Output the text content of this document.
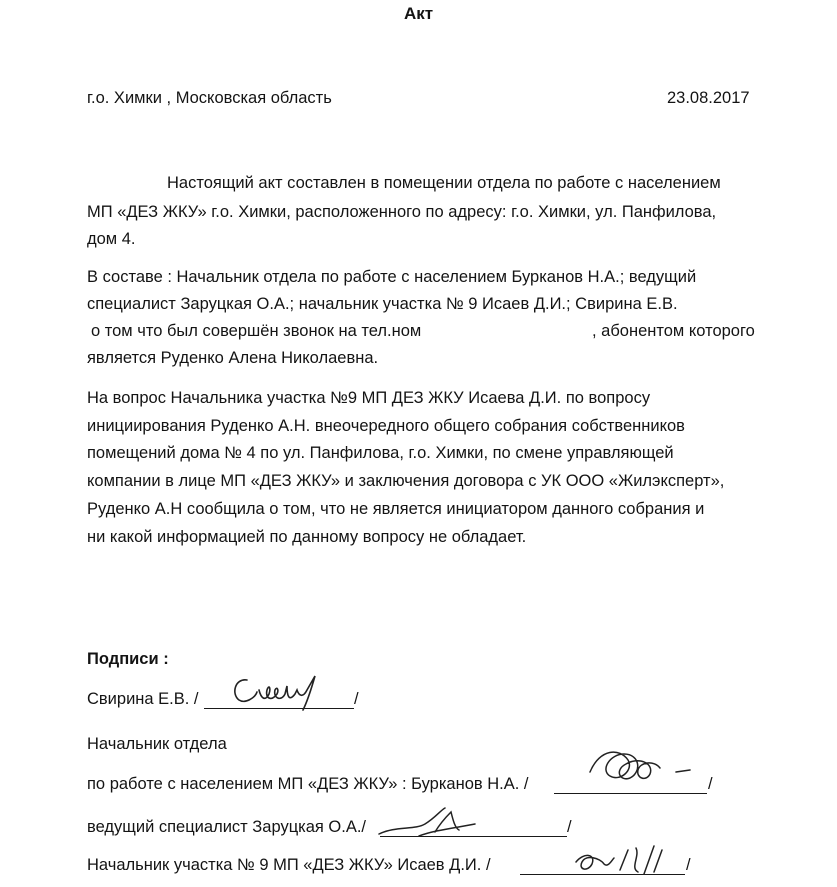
Акт
г.о. Химки , Московская область	23.08.2017
Настоящий акт составлен в помещении отдела по работе с населением
МП «ДЕЗ ЖКУ» г.о. Химки, расположенного по адресу: г.о. Химки, ул. Панфилова,
дом 4.
В составе : Начальник отдела по работе с населением Бурканов Н.А.; ведущий
специалист Заруцкая О.А.; начальник участка № 9 Исаев Д.И.; Свирина Е.В.
о том что был совершён звонок на тел.ном	, абонентом которого
является Руденко Алена Николаевна.
На вопрос Начальника участка №9 МП ДЕЗ ЖКУ Исаева Д.И. по вопросу
инициирования Руденко А.Н. внеочередного общего собрания собственников
помещений дома № 4 по ул. Панфилова, г.о. Химки, по смене управляющей
компании в лице МП «ДЕЗ ЖКУ» и заключения договора с УК ООО «Жилэксперт»,
Руденко А.Н сообщила о том, что не является инициатором данного собрания и
ни какой информацией по данному вопросу не обладает.
Подписи :
Свирина Е.В. /	/
Начальник отдела
по работе с населением МП «ДЕЗ ЖКУ» : Бурканов Н.А. /	/
ведущий специалист Заруцкая О.А./	/
Начальник участка № 9 МП «ДЕЗ ЖКУ» Исаев Д.И. /	/
